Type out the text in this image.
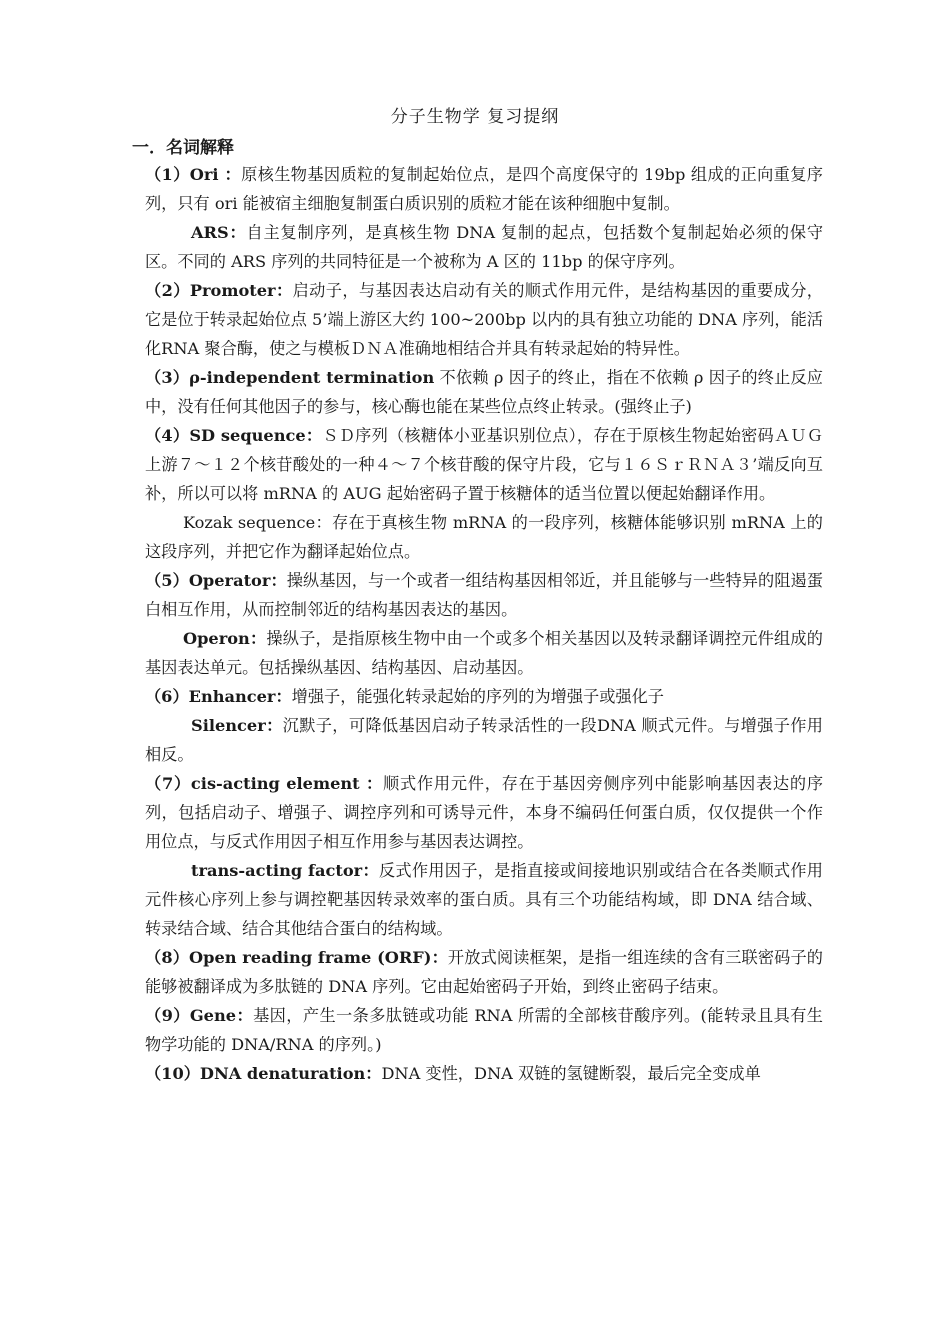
分子生物学 复习提纲
一．名词解释

（1）Ori ：原核生物基因质粒的复制起始位点，是四个高度保守的 19bp 组成的正向重复序列，只有 ori 能被宿主细胞复制蛋白质识别的质粒才能在该种细胞中复制。

ARS：自主复制序列，是真核生物 DNA 复制的起点，包括数个复制起始必须的保守区。不同的 ARS 序列的共同特征是一个被称为 A 区的 11bp 的保守序列。

（2）Promoter：启动子，与基因表达启动有关的顺式作用元件，是结构基因的重要成分，它是位于转录起始位点 5’端上游区大约 100~200bp 以内的具有独立功能的 DNA 序列，能活化RNA 聚合酶，使之与模板ＤＮＡ准确地相结合并具有转录起始的特异性。

（3）ρ-independent termination 不依赖 ρ 因子的终止，指在不依赖 ρ 因子的终止反应中，没有任何其他因子的参与，核心酶也能在某些位点终止转录。(强终止子)

（4）SD sequence：ＳＤ序列（核糖体小亚基识别位点），存在于原核生物起始密码ＡＵＧ上游７～１２个核苷酸处的一种４～７个核苷酸的保守片段，它与１６ＳｒＲＮＡ３’端反向互补，所以可以将 mRNA 的 AUG 起始密码子置于核糖体的适当位置以便起始翻译作用。

Kozak sequence：存在于真核生物 mRNA 的一段序列，核糖体能够识别 mRNA 上的这段序列，并把它作为翻译起始位点。

（5）Operator：操纵基因，与一个或者一组结构基因相邻近，并且能够与一些特异的阻遏蛋白相互作用，从而控制邻近的结构基因表达的基因。

Operon：操纵子，是指原核生物中由一个或多个相关基因以及转录翻译调控元件组成的基因表达单元。包括操纵基因、结构基因、启动基因。

（6）Enhancer：增强子，能强化转录起始的序列的为增强子或强化子

Silencer：沉默子，可降低基因启动子转录活性的一段DNA 顺式元件。与增强子作用相反。

（7）cis-acting element ：顺式作用元件，存在于基因旁侧序列中能影响基因表达的序列，包括启动子、增强子、调控序列和可诱导元件，本身不编码任何蛋白质，仅仅提供一个作用位点，与反式作用因子相互作用参与基因表达调控。

trans-acting factor：反式作用因子，是指直接或间接地识别或结合在各类顺式作用元件核心序列上参与调控靶基因转录效率的蛋白质。具有三个功能结构域，即 DNA 结合域、转录结合域、结合其他结合蛋白的结构域。

（8）Open reading frame (ORF)：开放式阅读框架，是指一组连续的含有三联密码子的能够被翻译成为多肽链的 DNA 序列。它由起始密码子开始，到终止密码子结束。

（9）Gene：基因，产生一条多肽链或功能 RNA 所需的全部核苷酸序列。(能转录且具有生物学功能的 DNA/RNA 的序列。)

（10）DNA denaturation：DNA 变性，DNA 双链的氢键断裂，最后完全变成单
